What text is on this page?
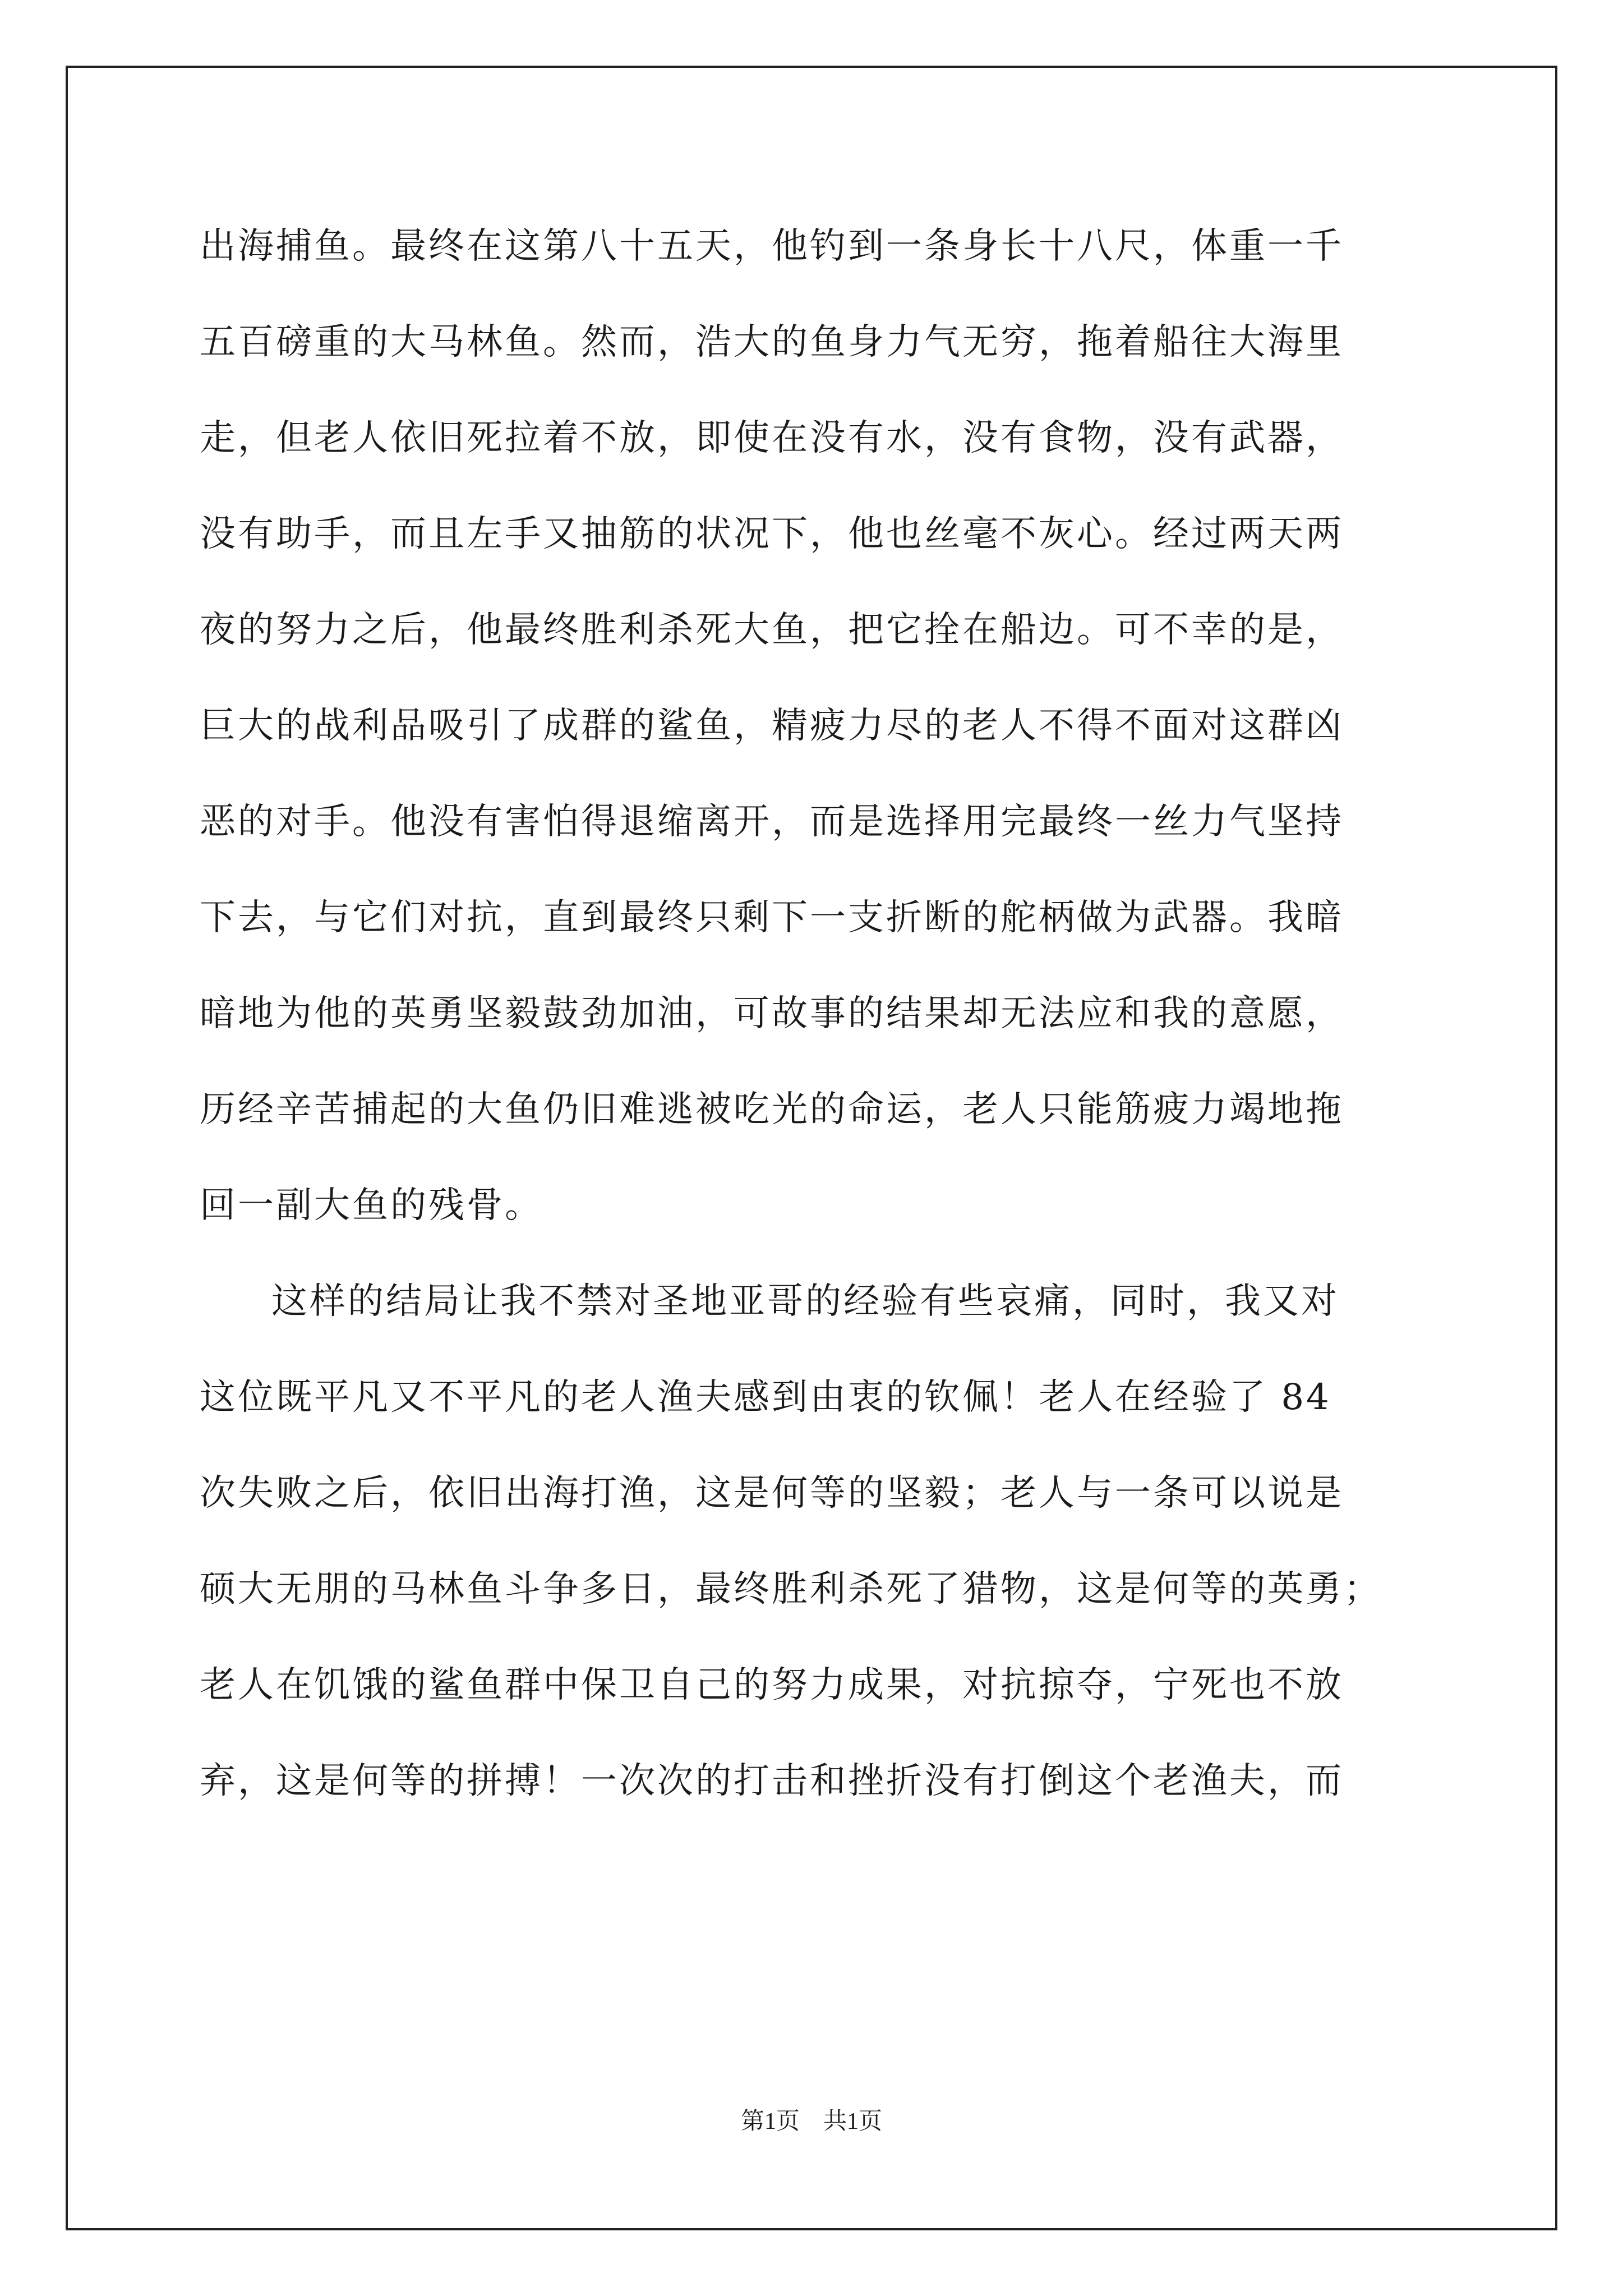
出海捕鱼。最终在这第八十五天，他钓到一条身长十八尺，体重一千
五百磅重的大马林鱼。然而，浩大的鱼身力气无穷，拖着船往大海里
走，但老人依旧死拉着不放，即使在没有水，没有食物，没有武器，
没有助手，而且左手又抽筋的状况下，他也丝毫不灰心。经过两天两
夜的努力之后，他最终胜利杀死大鱼，把它拴在船边。可不幸的是，
巨大的战利品吸引了成群的鲨鱼，精疲力尽的老人不得不面对这群凶
恶的对手。他没有害怕得退缩离开，而是选择用完最终一丝力气坚持
下去，与它们对抗，直到最终只剩下一支折断的舵柄做为武器。我暗
暗地为他的英勇坚毅鼓劲加油，可故事的结果却无法应和我的意愿，
历经辛苦捕起的大鱼仍旧难逃被吃光的命运，老人只能筋疲力竭地拖
回一副大鱼的残骨。
这样的结局让我不禁对圣地亚哥的经验有些哀痛，同时，我又对
这位既平凡又不平凡的老人渔夫感到由衷的钦佩！老人在经验了 84
次失败之后，依旧出海打渔，这是何等的坚毅；老人与一条可以说是
硕大无朋的马林鱼斗争多日，最终胜利杀死了猎物，这是何等的英勇；
老人在饥饿的鲨鱼群中保卫自己的努力成果，对抗掠夺，宁死也不放
弃，这是何等的拼搏！一次次的打击和挫折没有打倒这个老渔夫，而
第1页　共1页
